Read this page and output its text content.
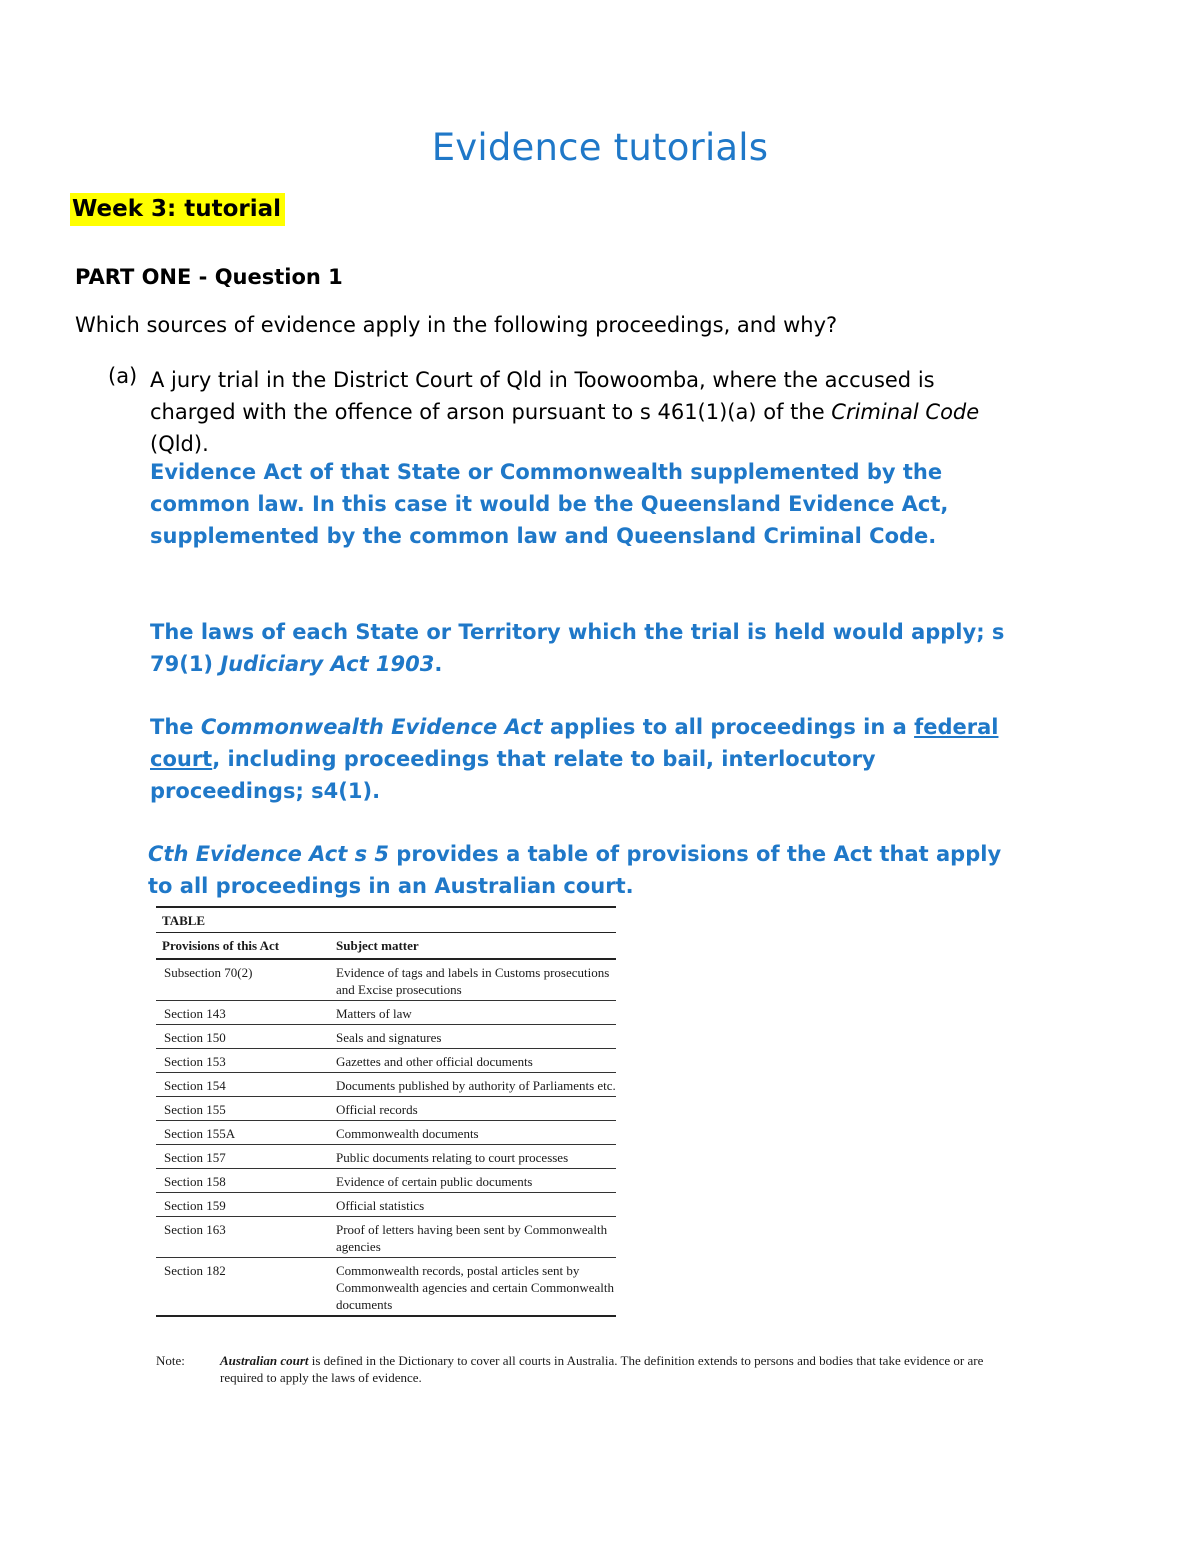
Evidence tutorials
Week 3: tutorial
PART ONE - Question 1
Which sources of evidence apply in the following proceedings, and why?
(a) A jury trial in the District Court of Qld in Toowoomba, where the accused is charged with the offence of arson pursuant to s 461(1)(a) of the Criminal Code (Qld).
Evidence Act of that State or Commonwealth supplemented by the common law. In this case it would be the Queensland Evidence Act, supplemented by the common law and Queensland Criminal Code.
The laws of each State or Territory which the trial is held would apply; s 79(1) Judiciary Act 1903.
The Commonwealth Evidence Act applies to all proceedings in a federal court, including proceedings that relate to bail, interlocutory proceedings; s4(1).
Cth Evidence Act s 5 provides a table of provisions of the Act that apply to all proceedings in an Australian court.
TABLE
Provisions of this Act	Subject matter
Subsection 70(2)	Evidence of tags and labels in Customs prosecutions and Excise prosecutions
Section 143	Matters of law
Section 150	Seals and signatures
Section 153	Gazettes and other official documents
Section 154	Documents published by authority of Parliaments etc.
Section 155	Official records
Section 155A	Commonwealth documents
Section 157	Public documents relating to court processes
Section 158	Evidence of certain public documents
Section 159	Official statistics
Section 163	Proof of letters having been sent by Commonwealth agencies
Section 182	Commonwealth records, postal articles sent by Commonwealth agencies and certain Commonwealth documents
Note:	Australian court is defined in the Dictionary to cover all courts in Australia. The definition extends to persons and bodies that take evidence or are required to apply the laws of evidence.
